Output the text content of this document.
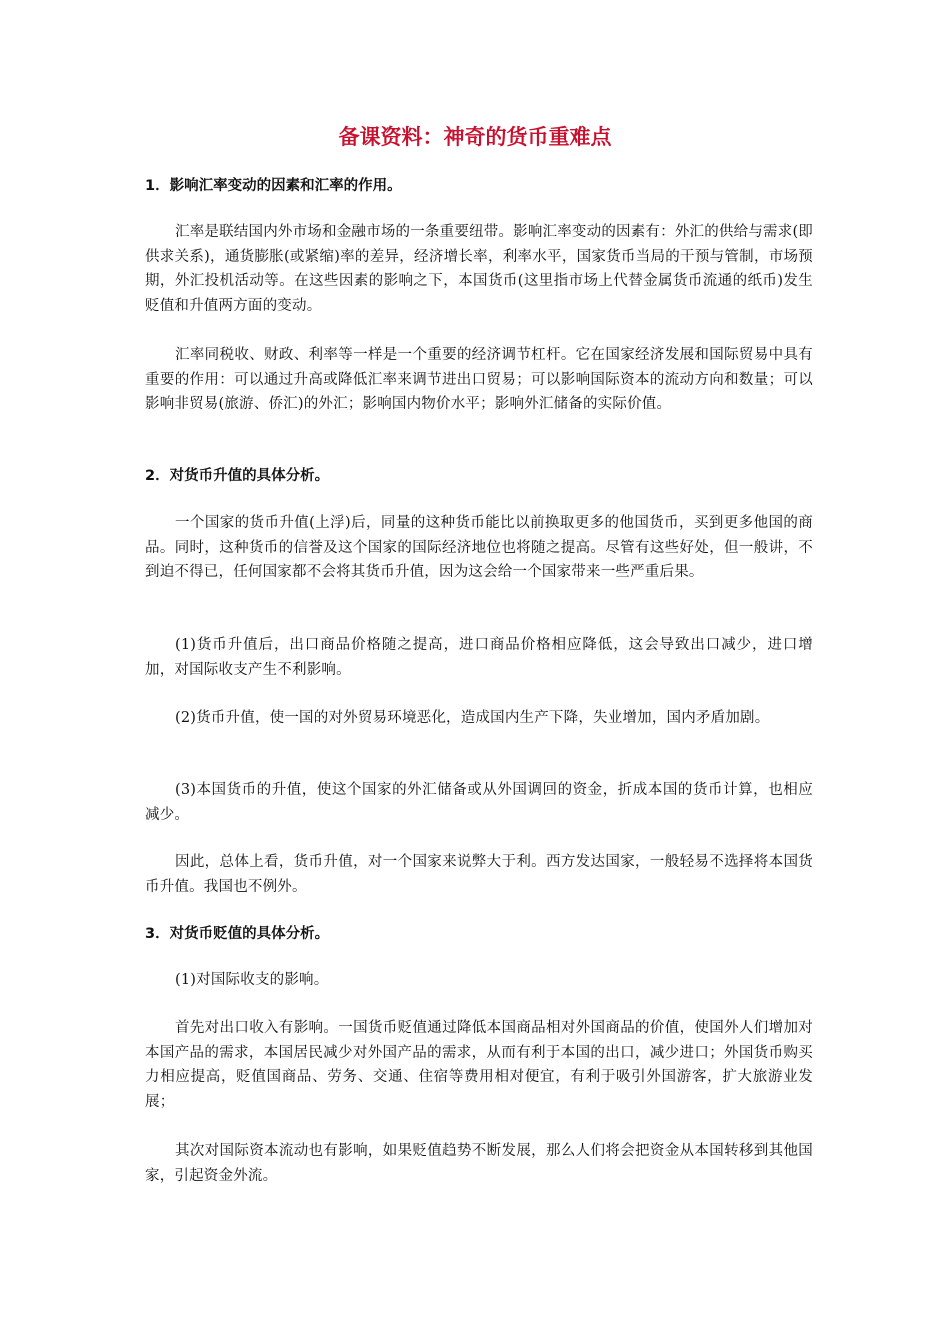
备课资料：神奇的货币重难点
1．影响汇率变动的因素和汇率的作用。

汇率是联结国内外市场和金融市场的一条重要纽带。影响汇率变动的因素有：外汇的供给与需求(即供求关系)，通货膨胀(或紧缩)率的差异，经济增长率，利率水平，国家货币当局的干预与管制，市场预期，外汇投机活动等。在这些因素的影响之下，本国货币(这里指市场上代替金属货币流通的纸币)发生贬值和升值两方面的变动。

汇率同税收、财政、利率等一样是一个重要的经济调节杠杆。它在国家经济发展和国际贸易中具有重要的作用：可以通过升高或降低汇率来调节进出口贸易；可以影响国际资本的流动方向和数量；可以影响非贸易(旅游、侨汇)的外汇；影响国内物价水平；影响外汇储备的实际价值。

2．对货币升值的具体分析。

一个国家的货币升值(上浮)后，同量的这种货币能比以前换取更多的他国货币，买到更多他国的商品。同时，这种货币的信誉及这个国家的国际经济地位也将随之提高。尽管有这些好处，但一般讲，不到迫不得已，任何国家都不会将其货币升值，因为这会给一个国家带来一些严重后果。

(1)货币升值后，出口商品价格随之提高，进口商品价格相应降低，这会导致出口减少，进口增加，对国际收支产生不利影响。

(2)货币升值，使一国的对外贸易环境恶化，造成国内生产下降，失业增加，国内矛盾加剧。

(3)本国货币的升值，使这个国家的外汇储备或从外国调回的资金，折成本国的货币计算，也相应减少。

因此，总体上看，货币升值，对一个国家来说弊大于利。西方发达国家，一般轻易不选择将本国货币升值。我国也不例外。

3．对货币贬值的具体分析。

(1)对国际收支的影响。

首先对出口收入有影响。一国货币贬值通过降低本国商品相对外国商品的价值，使国外人们增加对本国产品的需求，本国居民减少对外国产品的需求，从而有利于本国的出口，减少进口；外国货币购买力相应提高，贬值国商品、劳务、交通、住宿等费用相对便宜，有利于吸引外国游客，扩大旅游业发展；

其次对国际资本流动也有影响，如果贬值趋势不断发展，那么人们将会把资金从本国转移到其他国家，引起资金外流。
